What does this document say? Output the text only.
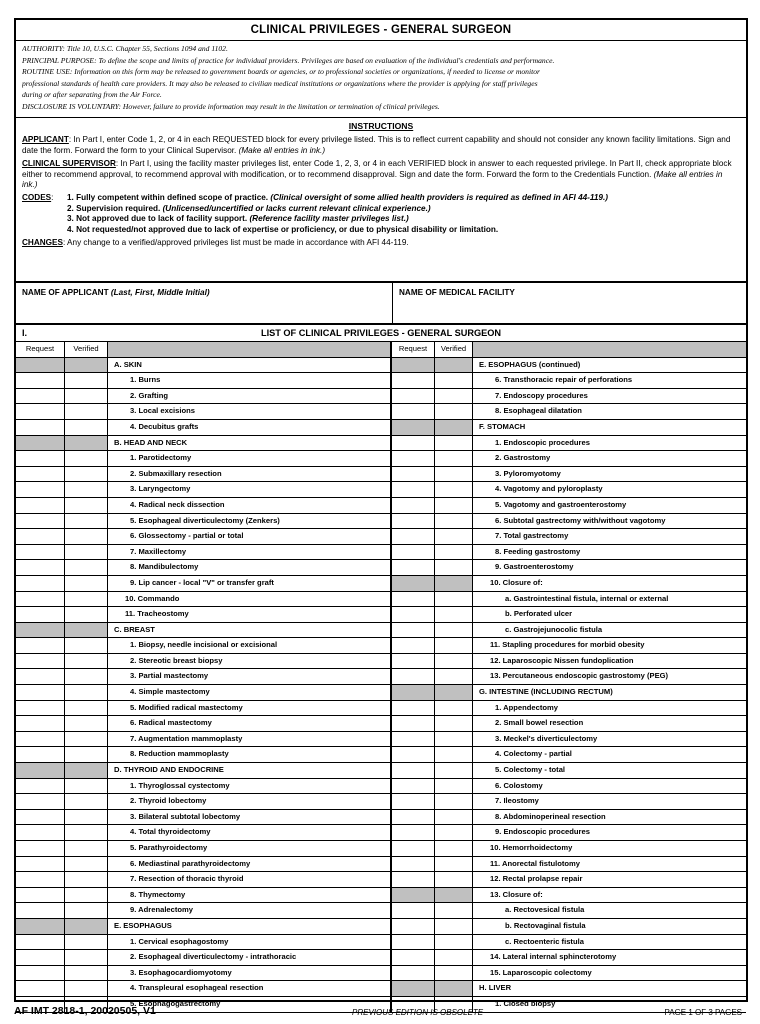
CLINICAL PRIVILEGES - GENERAL SURGEON
AUTHORITY: Title 10, U.S.C. Chapter 55, Sections 1094 and 1102.
PRINCIPAL PURPOSE: To define the scope and limits of practice for individual providers. Privileges are based on evaluation of the individual's credentials and performance.
ROUTINE USE: Information on this form may be released to government boards or agencies, or to professional societies or organizations, if needed to license or monitor
professional standards of health care providers. It may also be released to civilian medical institutions or organizations where the provider is applying for staff privileges
during or after separating from the Air Force.
DISCLOSURE IS VOLUNTARY: However, failure to provide information may result in the limitation or termination of clinical privileges.
INSTRUCTIONS
APPLICANT: In Part I, enter Code 1, 2, or 4 in each REQUESTED block for every privilege listed. This is to reflect current capability and should not consider any known facility limitations. Sign and date the form. Forward the form to your Clinical Supervisor. (Make all entries in ink.)
CLINICAL SUPERVISOR: In Part I, using the facility master privileges list, enter Code 1, 2, 3, or 4 in each VERIFIED block in answer to each requested privilege. In Part II, check appropriate block either to recommend approval, to recommend approval with modification, or to recommend disapproval. Sign and date the form. Forward the form to the Credentials Function. (Make all entries in ink.)
CODES:	1. Fully competent within defined scope of practice. (Clinical oversight of some allied health providers is required as defined in AFI 44-119.)
2. Supervision required. (Unlicensed/uncertified or lacks current relevant clinical experience.)
3. Not approved due to lack of facility support. (Reference facility master privileges list.)
4. Not requested/not approved due to lack of expertise or proficiency, or due to physical disability or limitation.
CHANGES: Any change to a verified/approved privileges list must be made in accordance with AFI 44-119.
NAME OF APPLICANT (Last, First, Middle Initial)	NAME OF MEDICAL FACILITY
I.	LIST OF CLINICAL PRIVILEGES - GENERAL SURGEON
Request	Verified
A. SKIN
1. Burns
2. Grafting
3. Local excisions
4. Decubitus grafts
B. HEAD AND NECK
1. Parotidectomy
2. Submaxillary resection
3. Laryngectomy
4. Radical neck dissection
5. Esophageal diverticulectomy (Zenkers)
6. Glossectomy - partial or total
7. Maxillectomy
8. Mandibulectomy
9. Lip cancer - local "V" or transfer graft
10. Commando
11. Tracheostomy
C. BREAST
1. Biopsy, needle incisional or excisional
2. Stereotic breast biopsy
3. Partial mastectomy
4. Simple mastectomy
5. Modified radical mastectomy
6. Radical mastectomy
7. Augmentation mammoplasty
8. Reduction mammoplasty
D. THYROID AND ENDOCRINE
1. Thyroglossal cystectomy
2. Thyroid lobectomy
3. Bilateral subtotal lobectomy
4. Total thyroidectomy
5. Parathyroidectomy
6. Mediastinal parathyroidectomy
7. Resection of thoracic thyroid
8. Thymectomy
9. Adrenalectomy
E. ESOPHAGUS
1. Cervical esophagostomy
2. Esophageal diverticulectomy - intrathoracic
3. Esophagocardiomyotomy
4. Transpleural esophageal resection
5. Esophagogastrectomy
Request	Verified
E. ESOPHAGUS (continued)
6. Transthoracic repair of perforations
7. Endoscopy procedures
8. Esophageal dilatation
F. STOMACH
1. Endoscopic procedures
2. Gastrostomy
3. Pyloromyotomy
4. Vagotomy and pyloroplasty
5. Vagotomy and gastroenterostomy
6. Subtotal gastrectomy with/without vagotomy
7. Total gastrectomy
8. Feeding gastrostomy
9. Gastroenterostomy
10. Closure of:
a. Gastrointestinal fistula, internal or external
b. Perforated ulcer
c. Gastrojejunocolic fistula
11. Stapling procedures for morbid obesity
12. Laparoscopic Nissen fundoplication
13. Percutaneous endoscopic gastrostomy (PEG)
G. INTESTINE (INCLUDING RECTUM)
1. Appendectomy
2. Small bowel resection
3. Meckel's diverticulectomy
4. Colectomy - partial
5. Colectomy - total
6. Colostomy
7. Ileostomy
8. Abdominoperineal resection
9. Endoscopic procedures
10. Hemorrhoidectomy
11. Anorectal fistulotomy
12. Rectal prolapse repair
13. Closure of:
a. Rectovesical fistula
b. Rectovaginal fistula
c. Rectoenteric fistula
14. Lateral internal sphincterotomy
15. Laparoscopic colectomy
H. LIVER
1. Closed biopsy
AF IMT 2818-1, 20020505, V1	PREVIOUS EDITION IS OBSOLETE	PAGE 1 OF 3 PAGES
